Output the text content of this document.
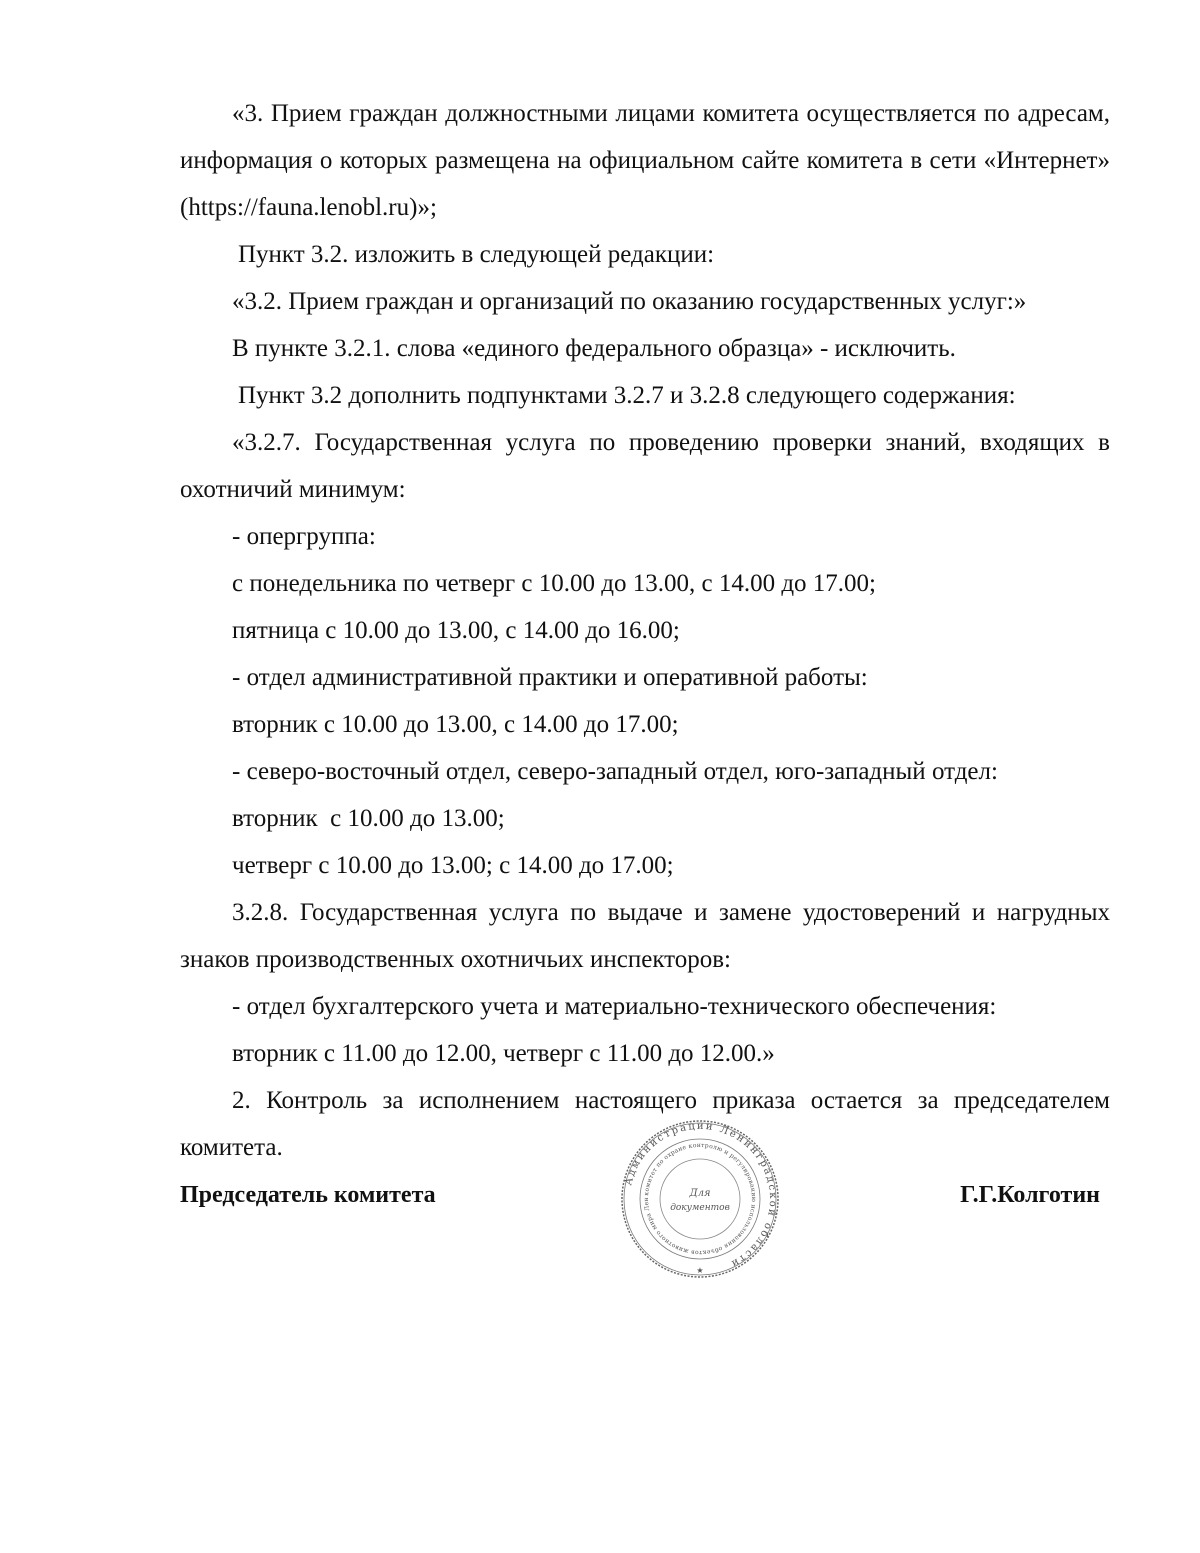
«3. Прием граждан должностными лицами комитета осуществляется по адресам, информация о которых размещена на официальном сайте комитета в сети «Интернет» (https://fauna.lenobl.ru)»;

Пункт 3.2. изложить в следующей редакции:

«3.2. Прием граждан и организаций по оказанию государственных услуг:»

В пункте 3.2.1. слова «единого федерального образца» - исключить.

Пункт 3.2 дополнить подпунктами 3.2.7 и 3.2.8 следующего содержания:

«3.2.7. Государственная услуга по проведению проверки знаний, входящих в охотничий минимум:

- опергруппа:

с понедельника по четверг с 10.00 до 13.00, с 14.00 до 17.00;

пятница с 10.00 до 13.00, с 14.00 до 16.00;

- отдел административной практики и оперативной работы:

вторник с 10.00 до 13.00, с 14.00 до 17.00;

- северо-восточный отдел, северо-западный отдел, юго-западный отдел:

вторник  с 10.00 до 13.00;

четверг с 10.00 до 13.00; с 14.00 до 17.00;

3.2.8. Государственная услуга по выдаче и замене удостоверений и нагрудных знаков производственных охотничьих инспекторов:

- отдел бухгалтерского учета и материально-технического обеспечения:

вторник с 11.00 до 12.00, четверг с 11.00 до 12.00.»

2. Контроль за исполнением настоящего приказа остается за председателем комитета.

Председатель комитета	Г.Г.Колготин
Администрации Ленинградской области
комитет по охране контролю и регулированию использования объектов животного мира Лен
Для
документов
★
